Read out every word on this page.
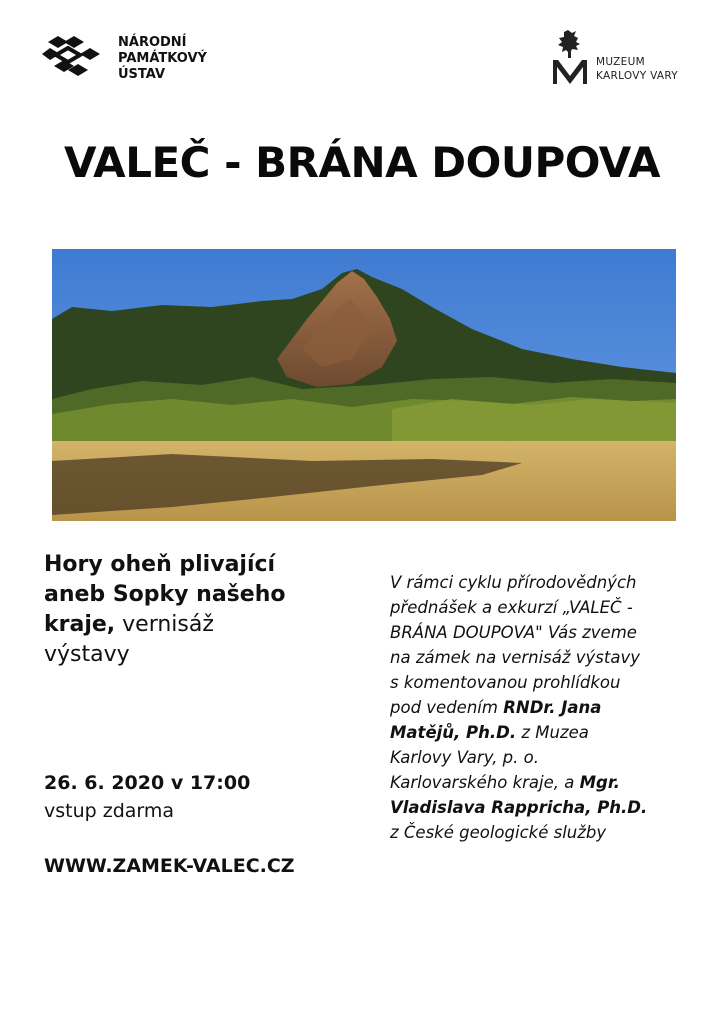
NÁRODNÍ
PAMÁTKOVÝ
ÚSTAV
MUZEUM
KARLOVY VARY
VALEČ - BRÁNA DOUPOVA
Hory oheň plivající
aneb Sopky našeho
kraje, vernisáž
výstavy
26. 6. 2020 v 17:00
vstup zdarma
WWW.ZAMEK-VALEC.CZ
V rámci cyklu přírodovědných
přednášek a exkurzí „VALEČ -
BRÁNA DOUPOVA" Vás zveme
na zámek na vernisáž výstavy
s komentovanou prohlídkou
pod vedením RNDr. Jana
Matějů, Ph.D. z Muzea
Karlovy Vary, p. o.
Karlovarského kraje, a Mgr.
Vladislava Rappricha, Ph.D.
z České geologické služby
